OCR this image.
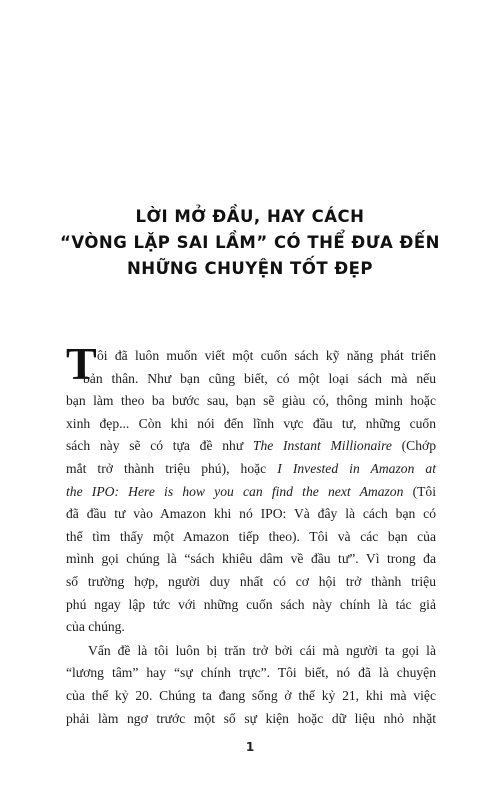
LỜI MỞ ĐẦU, HAY CÁCH
“VÒNG LẶP SAI LẦM” CÓ THỂ ĐƯA ĐẾN
NHỮNG CHUYỆN TỐT ĐẸP
T ôi đã luôn muốn viết một cuốn sách kỹ năng phát triển
bản thân. Như bạn cũng biết, có một loại sách mà nếu
bạn làm theo ba bước sau, bạn sẽ giàu có, thông minh hoặc
xinh đẹp... Còn khi nói đến lĩnh vực đầu tư, những cuốn
sách này sẽ có tựa đề như The Instant Millionaire (Chớp
mắt trở thành triệu phú), hoặc I Invested in Amazon at
the IPO: Here is how you can find the next Amazon (Tôi
đã đầu tư vào Amazon khi nó IPO: Và đây là cách bạn có
thể tìm thấy một Amazon tiếp theo). Tôi và các bạn của
mình gọi chúng là “sách khiêu dâm về đầu tư”. Vì trong đa
số trường hợp, người duy nhất có cơ hội trở thành triệu
phú ngay lập tức với những cuốn sách này chính là tác giả
của chúng.
Vấn đề là tôi luôn bị trăn trở bởi cái mà người ta gọi là
“lương tâm” hay “sự chính trực”. Tôi biết, nó đã là chuyện
của thế kỷ 20. Chúng ta đang sống ở thế kỷ 21, khi mà việc
phải làm ngơ trước một số sự kiện hoặc dữ liệu nhỏ nhặt
1
